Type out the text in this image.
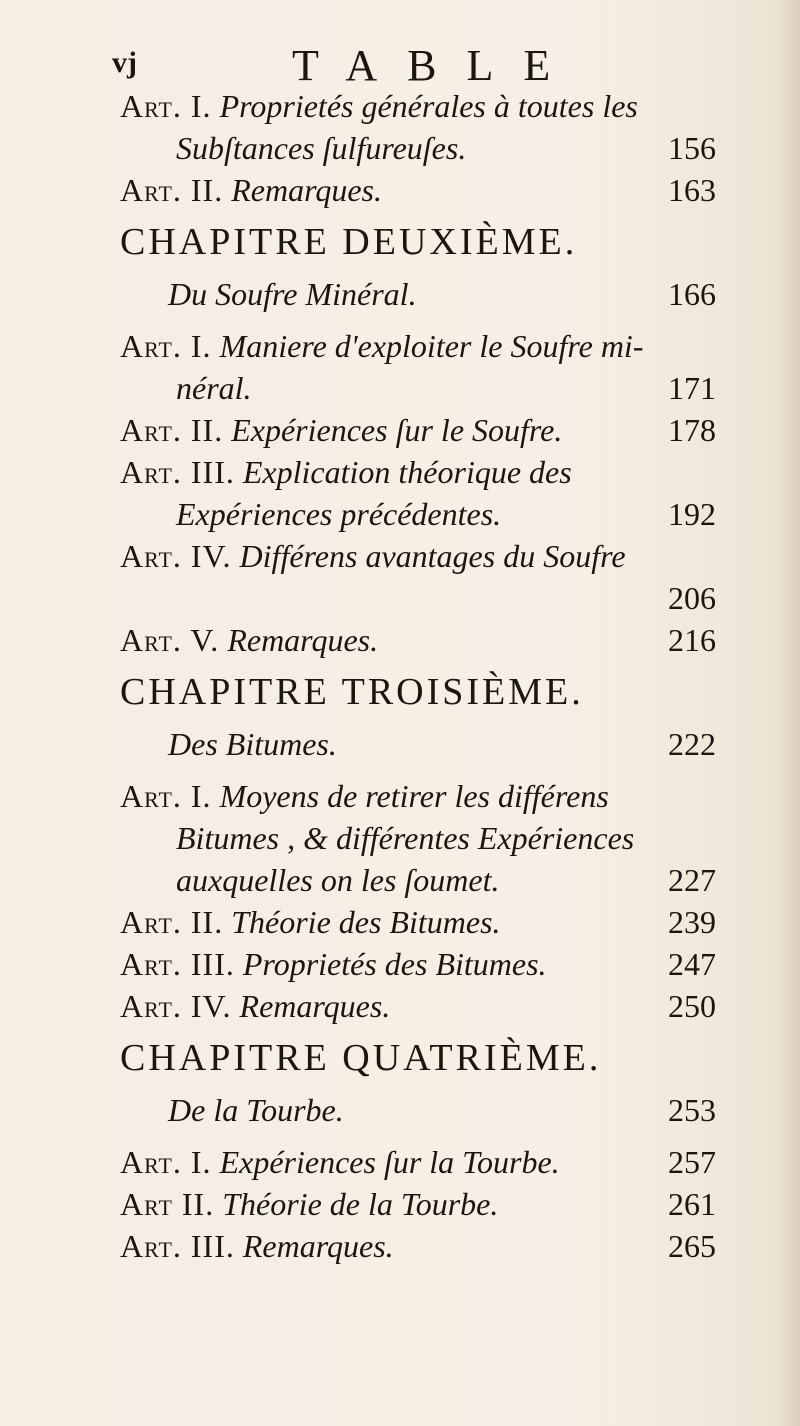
vj	TABLE
Art. I. Proprietés générales à toutes les
Subſtances ſulfureuſes.	156
Art. II. Remarques.	163
CHAPITRE DEUXIÈME.
Du Soufre Minéral.	166
Art. I. Maniere d'exploiter le Soufre mi-
néral.	171
Art. II. Expériences ſur le Soufre.	178
Art. III. Explication théorique des
Expériences précédentes.	192
Art. IV. Différens avantages du Soufre
206
Art. V. Remarques.	216
CHAPITRE TROISIÈME.
Des Bitumes.	222
Art. I. Moyens de retirer les différens
Bitumes , & différentes Expériences
auxquelles on les ſoumet.	227
Art. II. Théorie des Bitumes.	239
Art. III. Proprietés des Bitumes.	247
Art. IV. Remarques.	250
CHAPITRE QUATRIÈME.
De la Tourbe.	253
Art. I. Expériences ſur la Tourbe.	257
Art II. Théorie de la Tourbe.	261
Art. III. Remarques.	265
